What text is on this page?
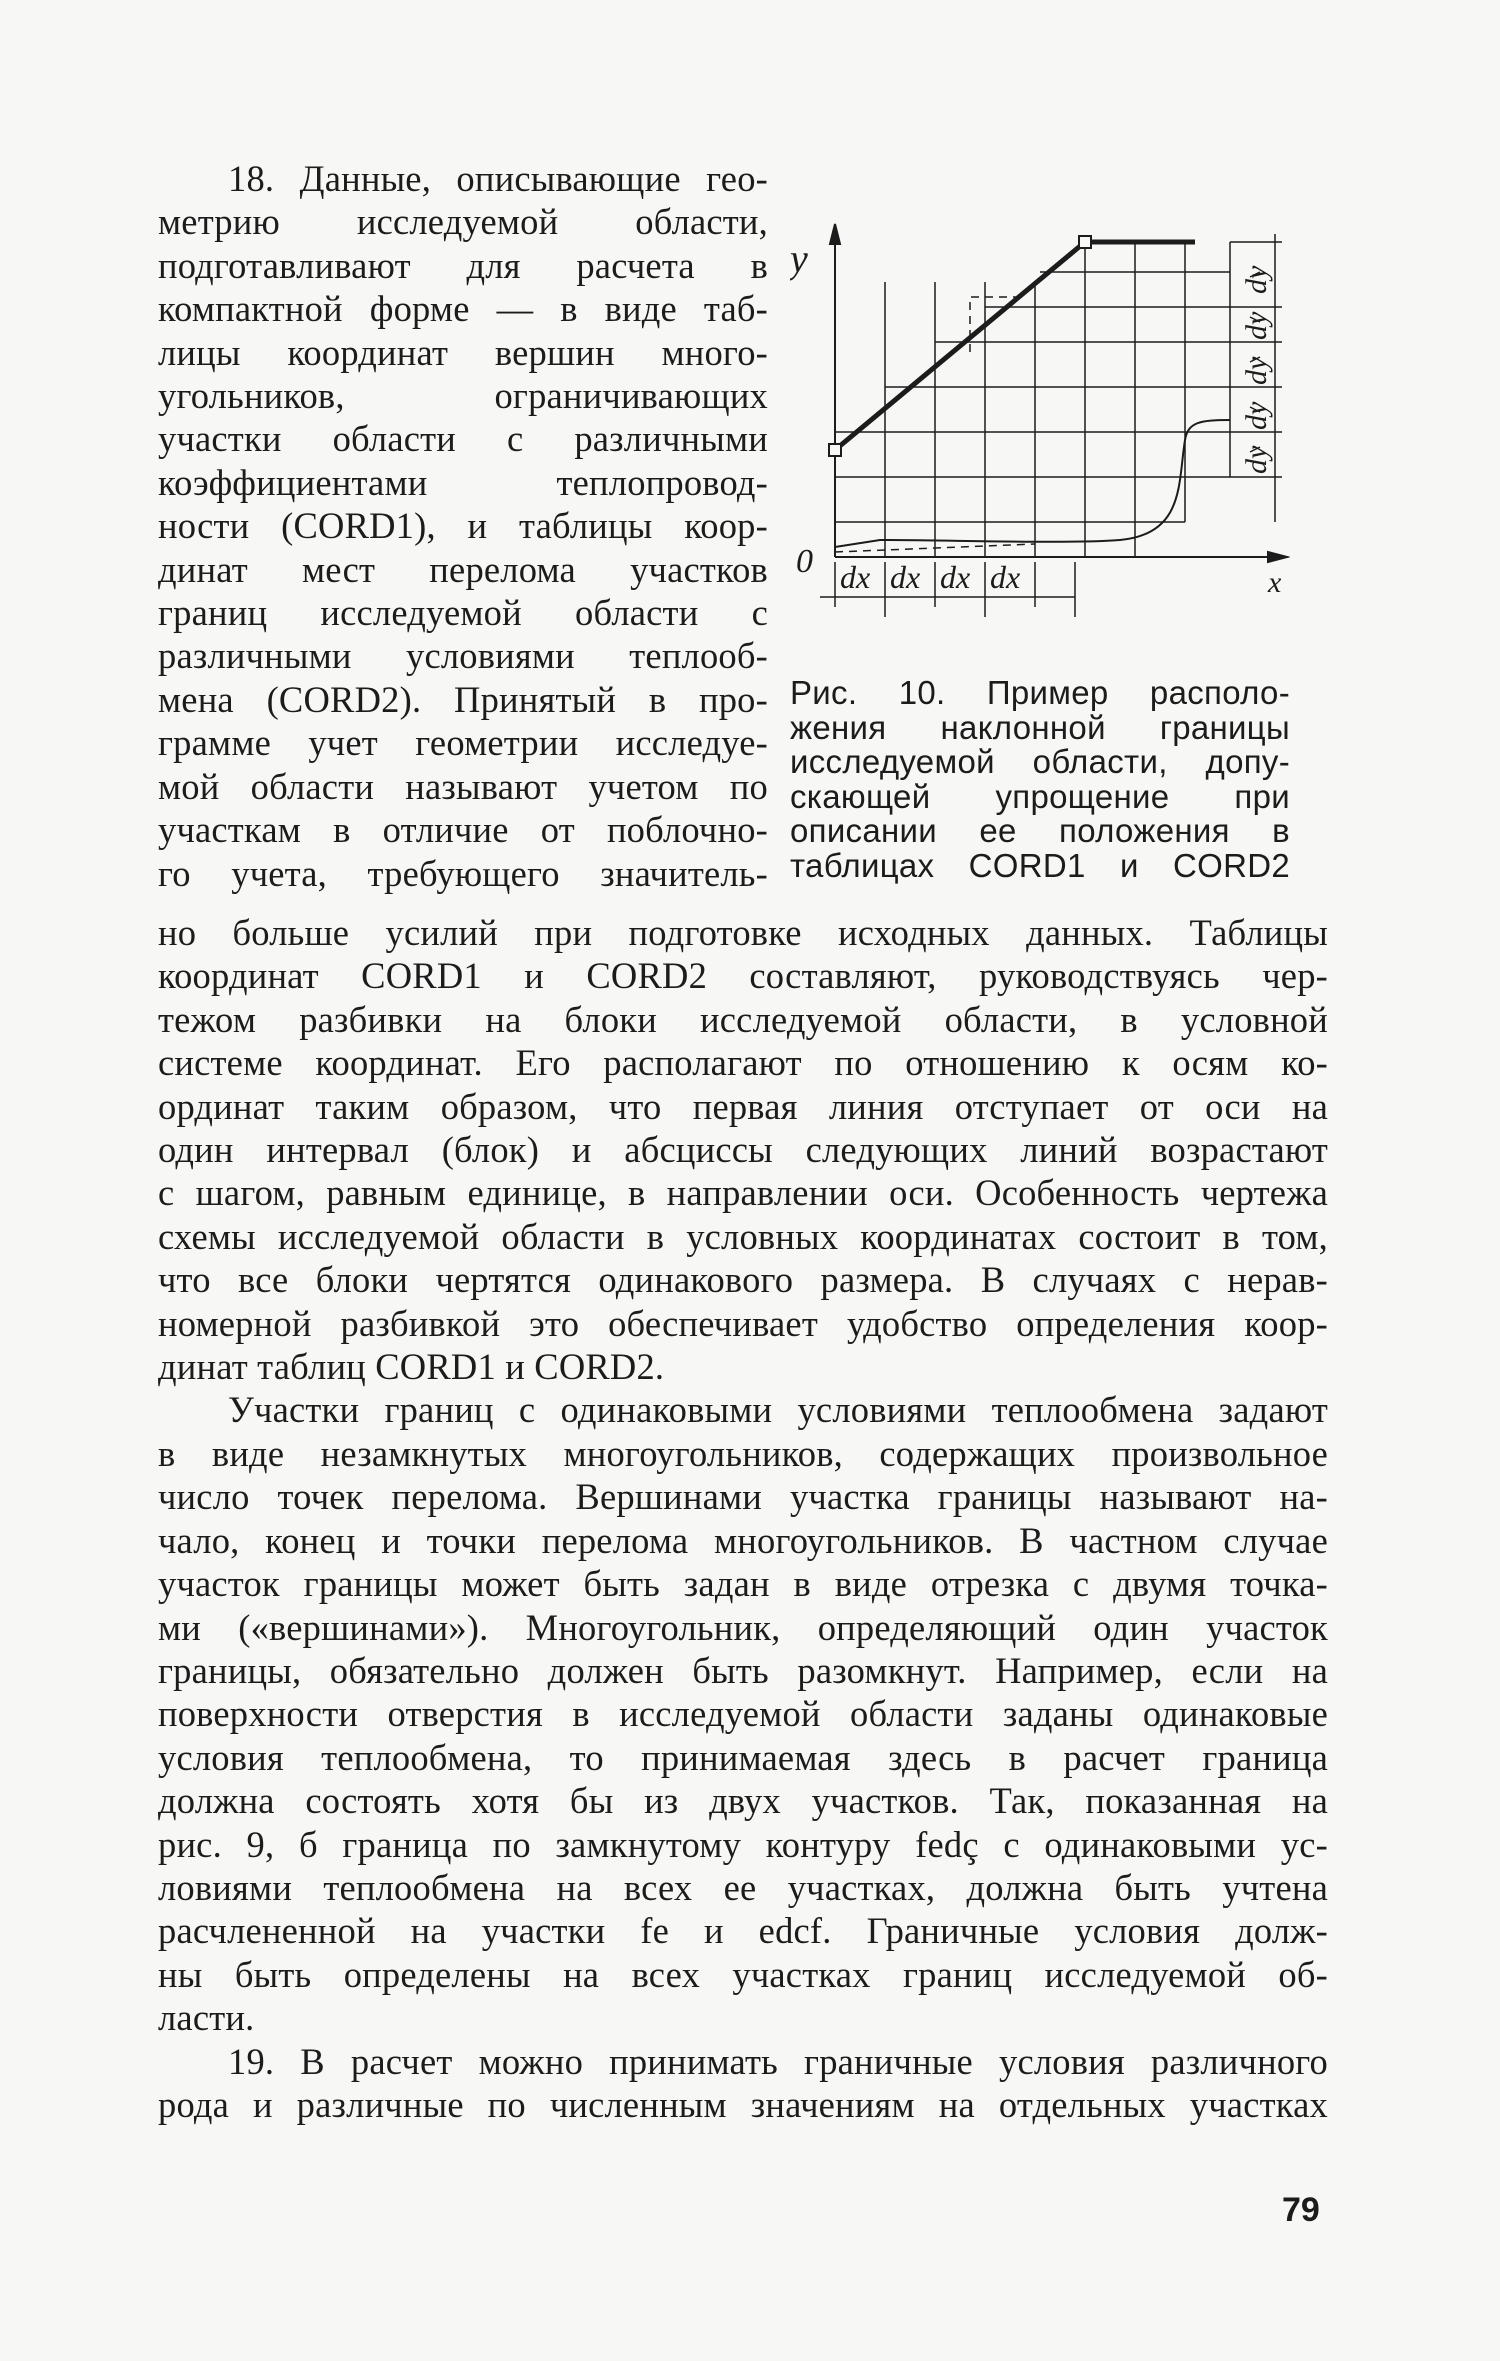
18. Данные, описывающие гео-
метрию исследуемой области,
подготавливают для расчета в
компактной форме — в виде таб-
лицы координат вершин много-
угольников, ограничивающих
участки области с различными
коэффициентами теплопровод-
ности (CORD1), и таблицы коор-
динат мест перелома участков
границ исследуемой области с
различными условиями теплооб-
мена (CORD2). Принятый в про-
грамме учет геометрии исследуе-
мой области называют учетом по
участкам в отличие от поблочно-
го учета, требующего значитель-
y
0
x
dx dx dx dx
dy
dy
dy
dy
dy
Рис. 10. Пример располо-
жения наклонной границы
исследуемой области, допу-
скающей упрощение при
описании ее положения в
таблицах CORD1 и CORD2
но больше усилий при подготовке исходных данных. Таблицы
координат CORD1 и CORD2 составляют, руководствуясь чер-
тежом разбивки на блоки исследуемой области, в условной
системе координат. Его располагают по отношению к осям ко-
ординат таким образом, что первая линия отступает от оси на
один интервал (блок) и абсциссы следующих линий возрастают
с шагом, равным единице, в направлении оси. Особенность чертежа
схемы исследуемой области в условных координатах состоит в том,
что все блоки чертятся одинакового размера. В случаях с нерав-
номерной разбивкой это обеспечивает удобство определения коор-
динат таблиц CORD1 и CORD2.
Участки границ с одинаковыми условиями теплообмена задают
в виде незамкнутых многоугольников, содержащих произвольное
число точек перелома. Вершинами участка границы называют на-
чало, конец и точки перелома многоугольников. В частном случае
участок границы может быть задан в виде отрезка с двумя точка-
ми («вершинами»). Многоугольник, определяющий один участок
границы, обязательно должен быть разомкнут. Например, если на
поверхности отверстия в исследуемой области заданы одинаковые
условия теплообмена, то принимаемая здесь в расчет граница
должна состоять хотя бы из двух участков. Так, показанная на
рис. 9, б граница по замкнутому контуру fedç с одинаковыми ус-
ловиями теплообмена на всех ее участках, должна быть учтена
расчлененной на участки fe и edcf. Граничные условия долж-
ны быть определены на всех участках границ исследуемой об-
ласти.
19. В расчет можно принимать граничные условия различного
рода и различные по численным значениям на отдельных участках
79
